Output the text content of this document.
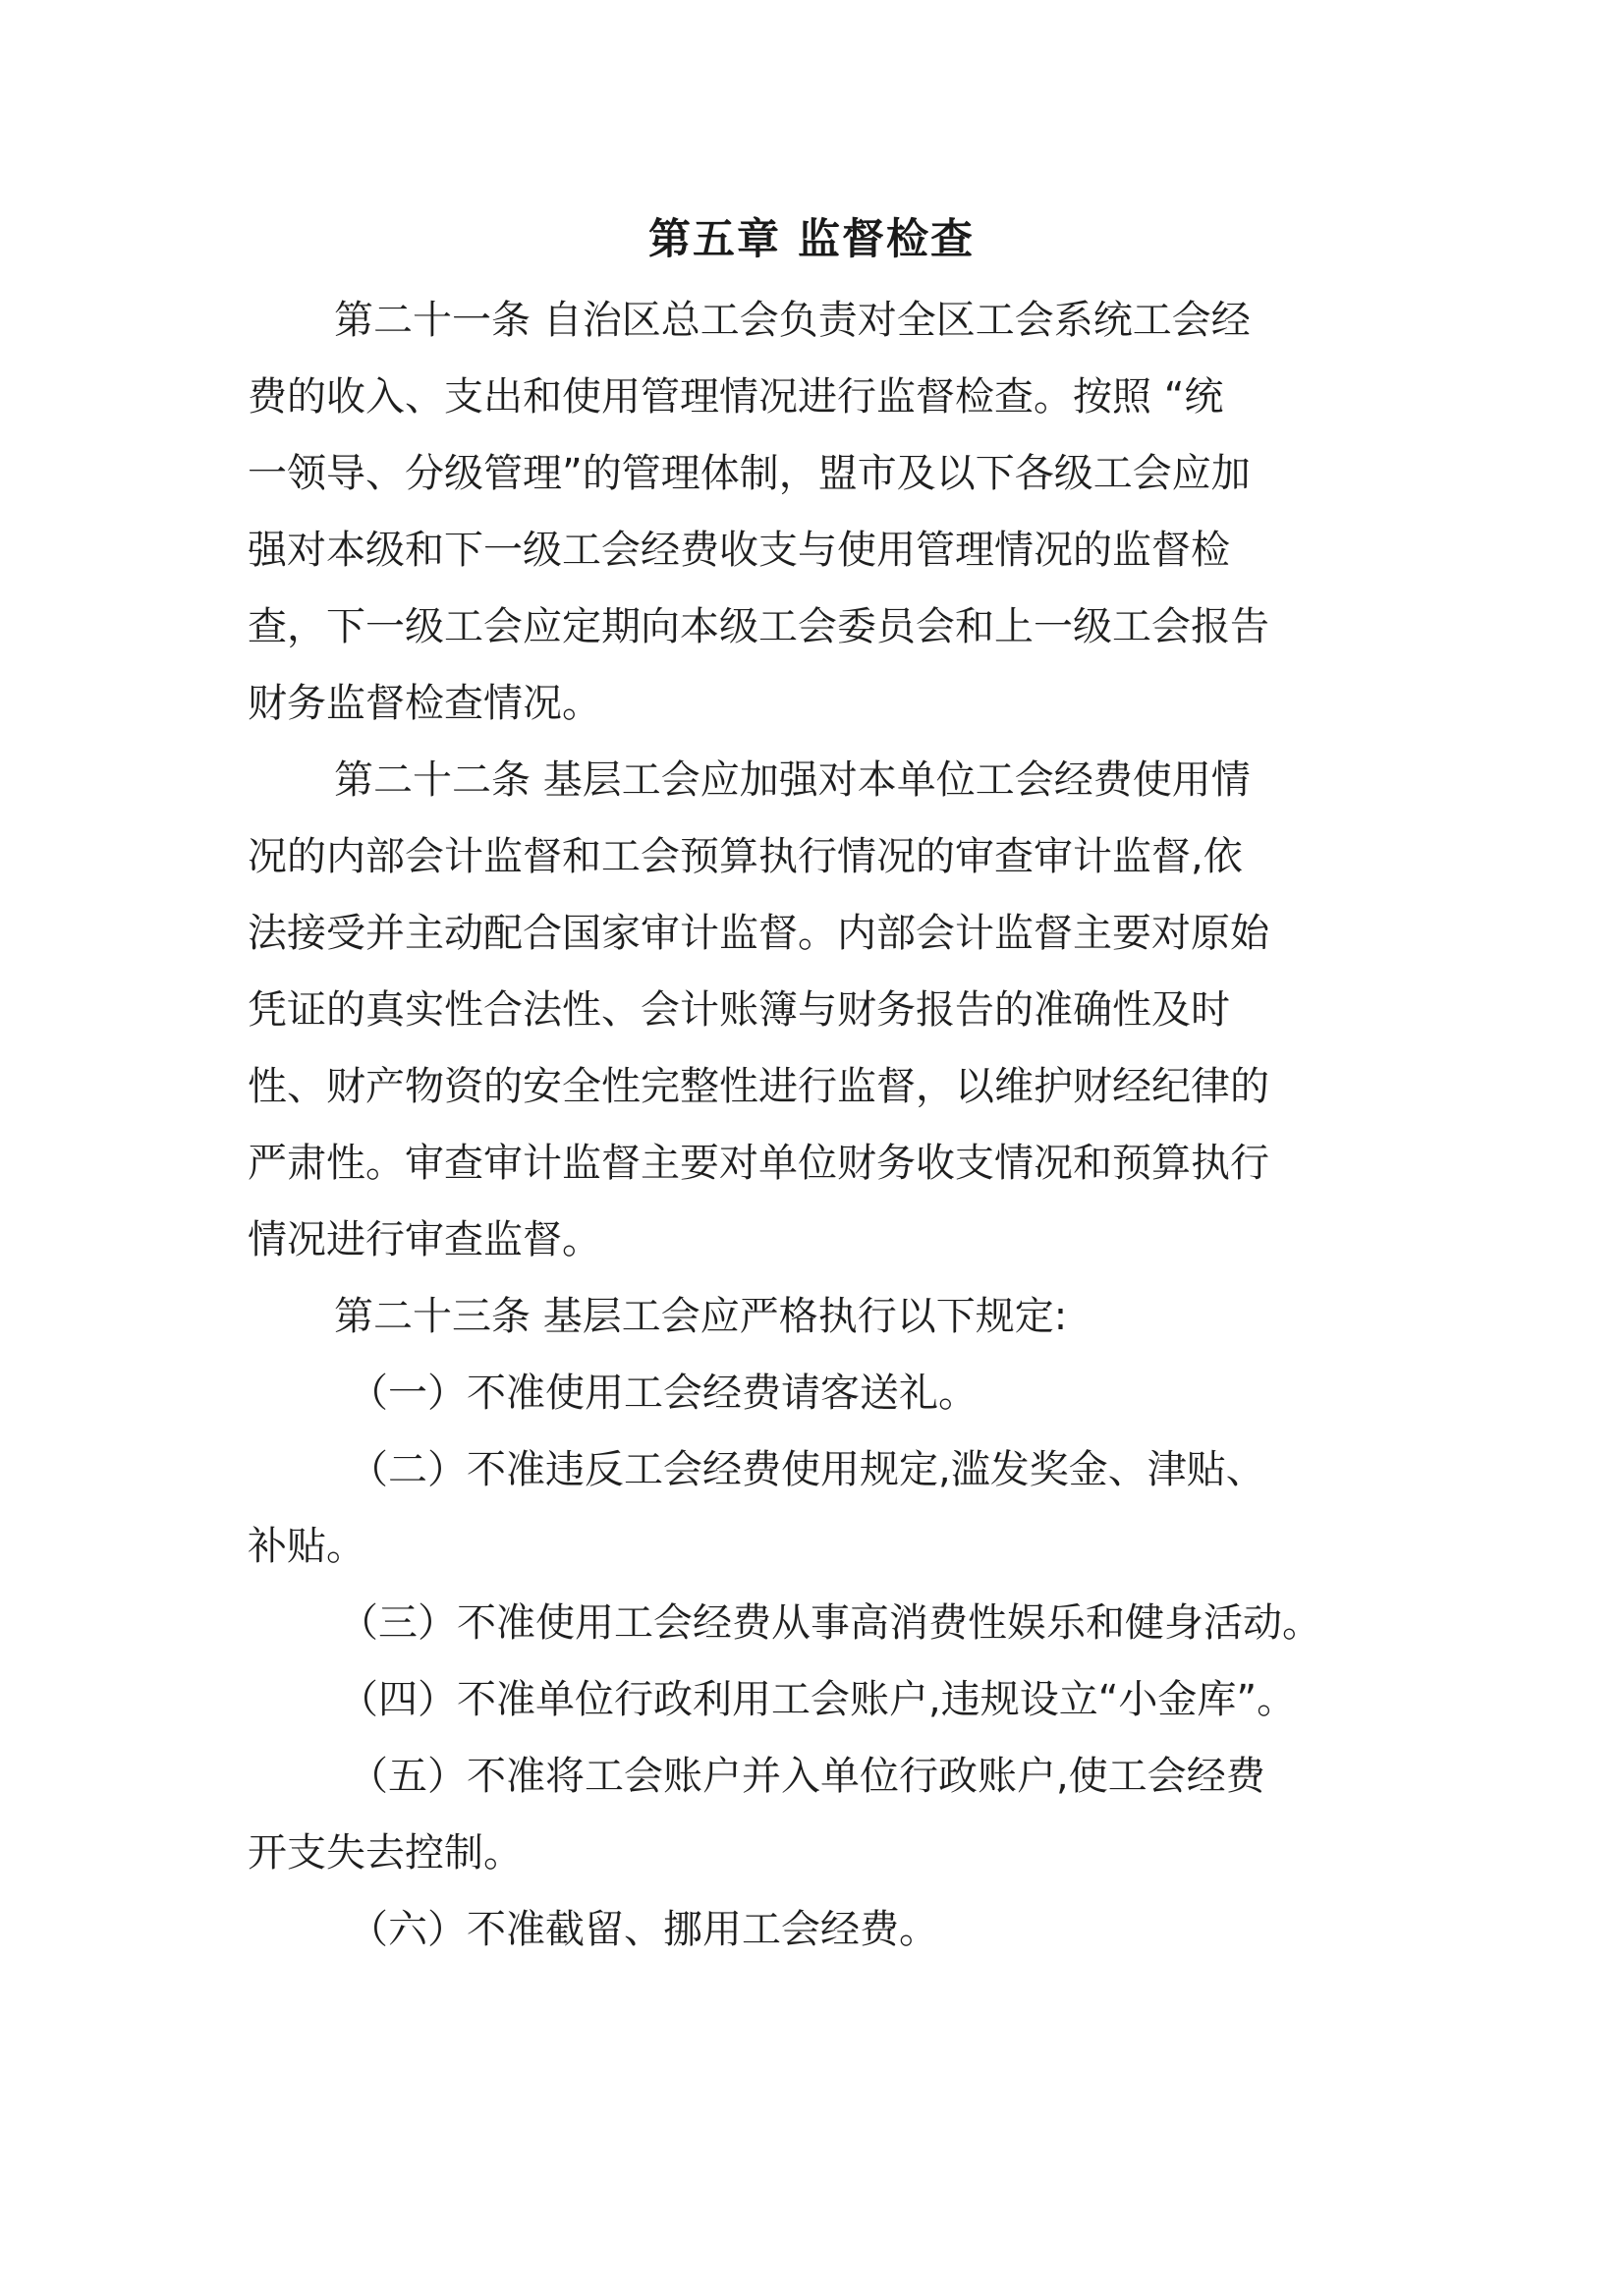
第五章 监督检查
第二十一条 自治区总工会负责对全区工会系统工会经
费的收入、支出和使用管理情况进行监督检查。按照 “统
一领导、分级管理”的管理体制，盟市及以下各级工会应加
强对本级和下一级工会经费收支与使用管理情况的监督检
查，下一级工会应定期向本级工会委员会和上一级工会报告
财务监督检查情况。
第二十二条 基层工会应加强对本单位工会经费使用情
况的内部会计监督和工会预算执行情况的审查审计监督,依
法接受并主动配合国家审计监督。内部会计监督主要对原始
凭证的真实性合法性、会计账簿与财务报告的准确性及时
性、财产物资的安全性完整性进行监督，以维护财经纪律的
严肃性。审查审计监督主要对单位财务收支情况和预算执行
情况进行审查监督。
第二十三条 基层工会应严格执行以下规定:
（一）不准使用工会经费请客送礼。
（二）不准违反工会经费使用规定,滥发奖金、津贴、
补贴。
（三）不准使用工会经费从事高消费性娱乐和健身活动。
（四）不准单位行政利用工会账户,违规设立“小金库”。
（五）不准将工会账户并入单位行政账户,使工会经费
开支失去控制。
（六）不准截留、挪用工会经费。
